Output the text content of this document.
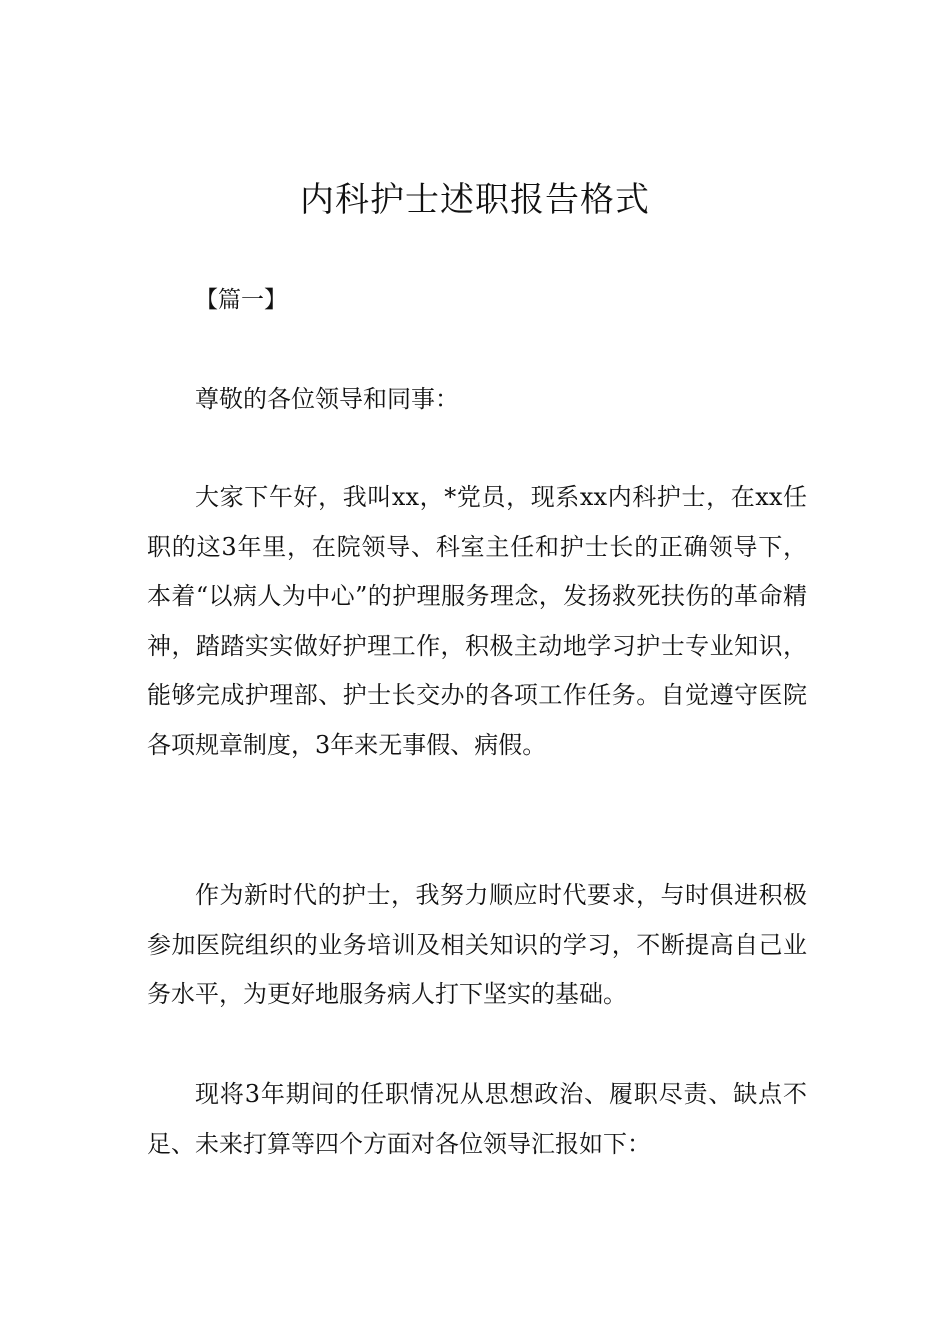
内科护士述职报告格式

【篇一】

尊敬的各位领导和同事：

大家下午好，我叫xx，*党员，现系xx内科护士，在xx任职的这3年里，在院领导、科室主任和护士长的正确领导下，本着“以病人为中心”的护理服务理念，发扬救死扶伤的革命精神，踏踏实实做好护理工作，积极主动地学习护士专业知识，能够完成护理部、护士长交办的各项工作任务。自觉遵守医院各项规章制度，3年来无事假、病假。

作为新时代的护士，我努力顺应时代要求，与时俱进积极参加医院组织的业务培训及相关知识的学习，不断提高自己业务水平，为更好地服务病人打下坚实的基础。

现将3年期间的任职情况从思想政治、履职尽责、缺点不足、未来打算等四个方面对各位领导汇报如下：
